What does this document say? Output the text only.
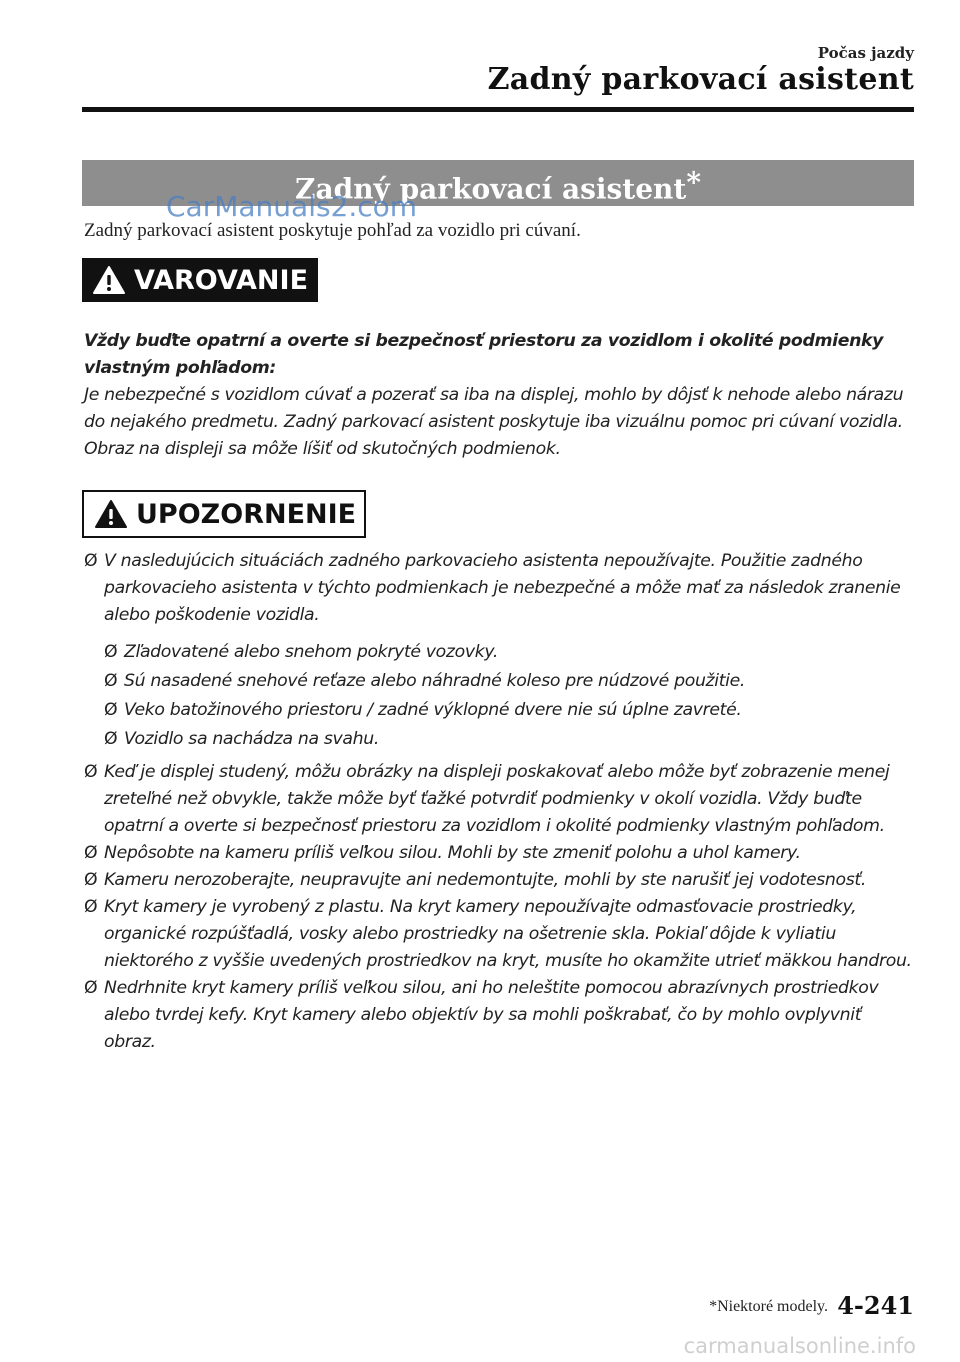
Počas jazdy
Zadný parkovací asistent
Zadný parkovací asistent*
CarManuals2.com
Zadný parkovací asistent poskytuje pohľad za vozidlo pri cúvaní.
VAROVANIE
Vždy buďte opatrní a overte si bezpečnosť priestoru za vozidlom i okolité podmienky vlastným pohľadom:
Je nebezpečné s vozidlom cúvať a pozerať sa iba na displej, mohlo by dôjsť k nehode alebo nárazu do nejakého predmetu. Zadný parkovací asistent poskytuje iba vizuálnu pomoc pri cúvaní vozidla. Obraz na displeji sa môže líšiť od skutočných podmienok.
UPOZORNENIE
Ø V nasledujúcich situáciách zadného parkovacieho asistenta nepoužívajte. Použitie zadného parkovacieho asistenta v týchto podmienkach je nebezpečné a môže mať za následok zranenie alebo poškodenie vozidla.
Ø Zľadovatené alebo snehom pokryté vozovky.
Ø Sú nasadené snehové reťaze alebo náhradné koleso pre núdzové použitie.
Ø Veko batožinového priestoru / zadné výklopné dvere nie sú úplne zavreté.
Ø Vozidlo sa nachádza na svahu.
Ø Keď je displej studený, môžu obrázky na displeji poskakovať alebo môže byť zobrazenie menej zreteľné než obvykle, takže môže byť ťažké potvrdiť podmienky v okolí vozidla. Vždy buďte opatrní a overte si bezpečnosť priestoru za vozidlom i okolité podmienky vlastným pohľadom.
Ø Nepôsobte na kameru príliš veľkou silou. Mohli by ste zmeniť polohu a uhol kamery.
Ø Kameru nerozoberajte, neupravujte ani nedemontujte, mohli by ste narušiť jej vodotesnosť.
Ø Kryt kamery je vyrobený z plastu. Na kryt kamery nepoužívajte odmasťovacie prostriedky, organické rozpúšťadlá, vosky alebo prostriedky na ošetrenie skla. Pokiaľ dôjde k vyliatiu niektorého z vyššie uvedených prostriedkov na kryt, musíte ho okamžite utrieť mäkkou handrou.
Ø Nedrhnite kryt kamery príliš veľkou silou, ani ho neleštite pomocou abrazívnych prostriedkov alebo tvrdej kefy. Kryt kamery alebo objektív by sa mohli poškrabať, čo by mohlo ovplyvniť obraz.
*Niektoré modely. 4-241
carmanualsonline.info
